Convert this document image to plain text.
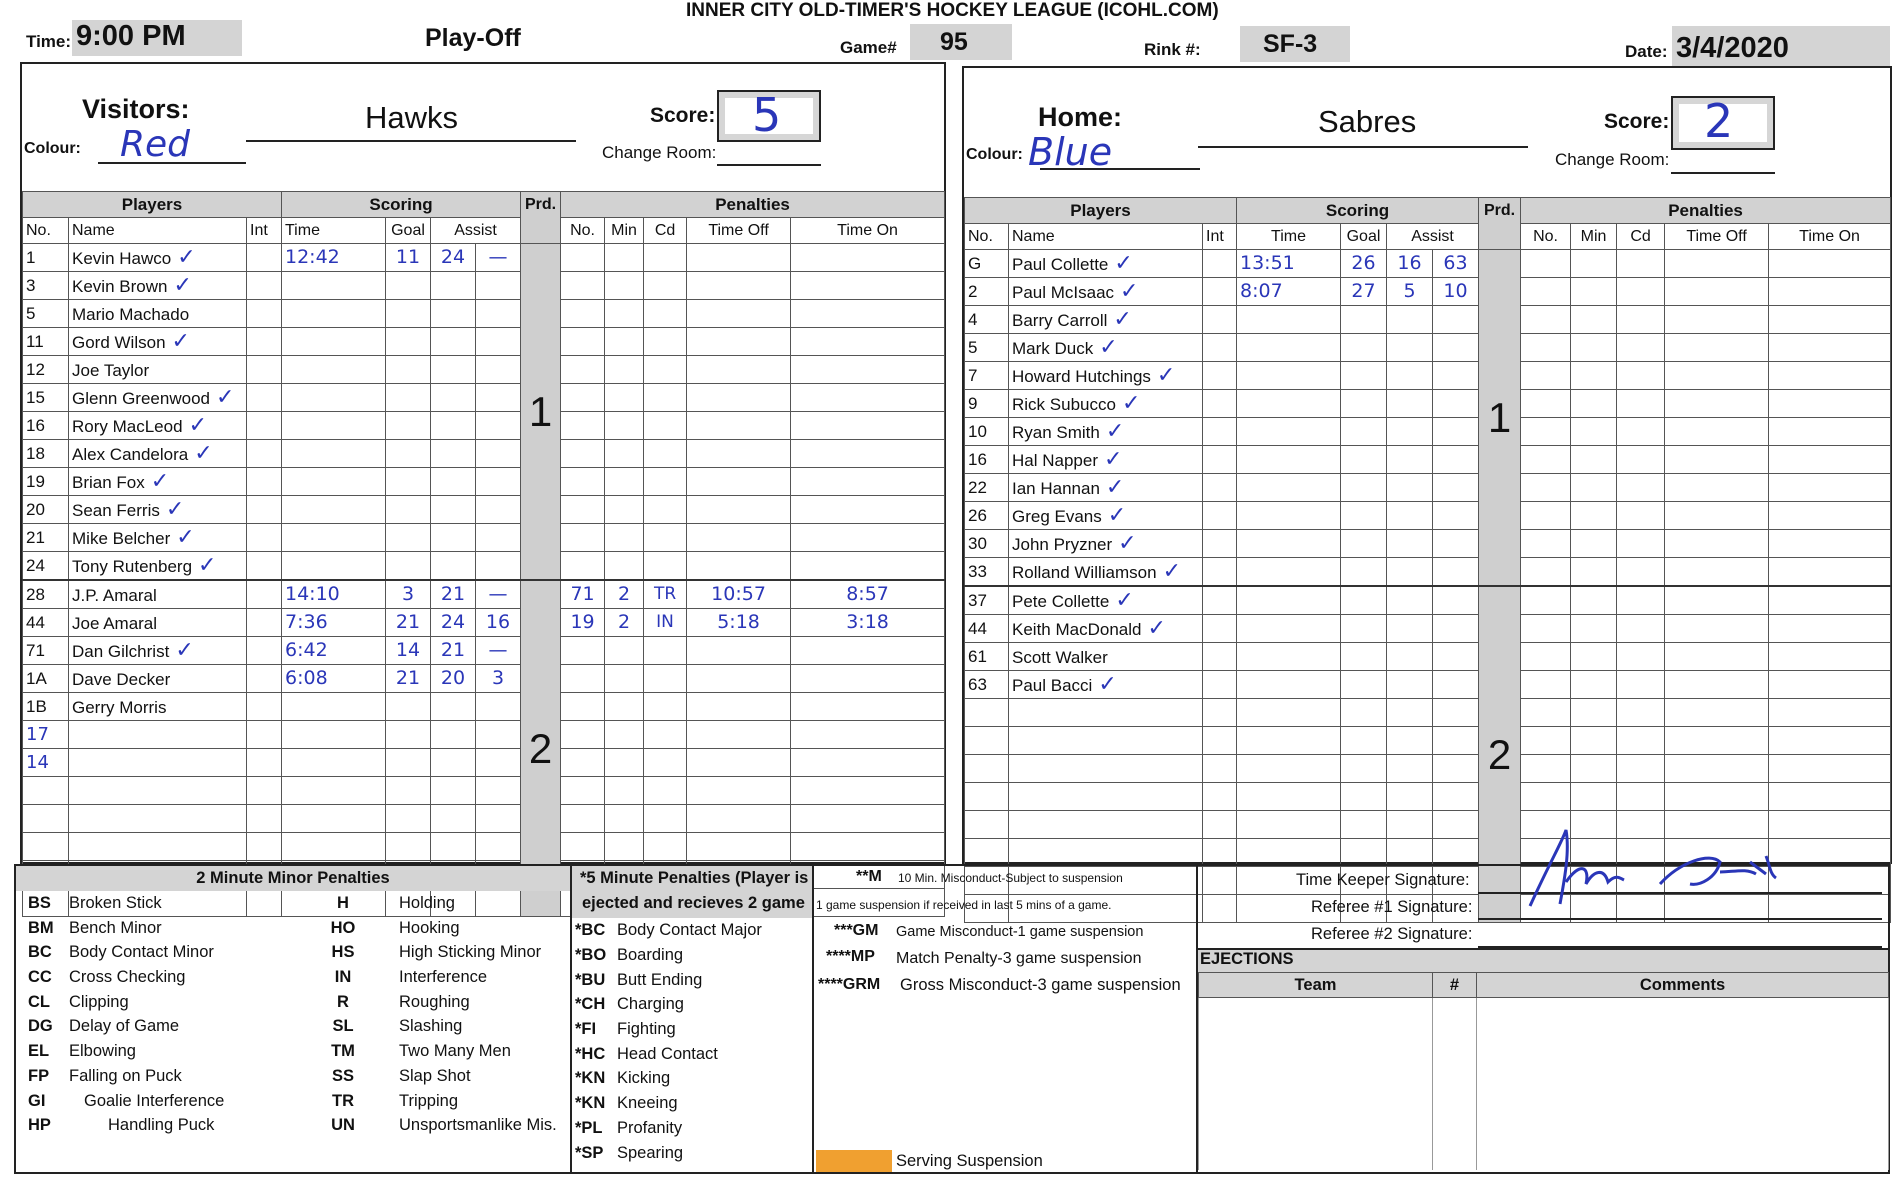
INNER CITY OLD-TIMER'S HOCKEY LEAGUE (ICOHL.COM)
Time: 9:00 PM	Play-Off	Game# 95	Rink #: SF-3	Date: 3/4/2020
Visitors:	Hawks	Score: 5
Colour: Red	Change Room:
Players			Scoring				Prd.	Penalties				
No.	Name	Int	Time	Goal	Assist			No.	Min	Cd	Time Off	Time On
1	Kevin Hawco ✓		12:42	11	24	—	1					
3	Kevin Brown ✓											
5	Mario Machado											
11	Gord Wilson ✓											
12	Joe Taylor											
15	Glenn Greenwood ✓											
16	Rory MacLeod ✓											
18	Alex Candelora ✓											
19	Brian Fox ✓											
20	Sean Ferris ✓											
21	Mike Belcher ✓											
24	Tony Rutenberg ✓											
28	J.P. Amaral		14:10	3	21	—	2	71	2	TR	10:57	8:57
44	Joe Amaral		7:36	21	24	16		19	2	IN	5:18	3:18
71	Dan Gilchrist ✓		6:42	14	21	—						
1A	Dave Decker		6:08	21	20	3						
1B	Gerry Morris											
17												
14												

Home:	Sabres	Score: 2
Colour: Blue	Change Room:
Players			Scoring				Prd.	Penalties				
No.	Name	Int	Time	Goal	Assist			No.	Min	Cd	Time Off	Time On
G	Paul Collette ✓		13:51	26	16	63	1					
2	Paul McIsaac ✓		8:07	27	5	10						
4	Barry Carroll ✓											
5	Mark Duck ✓											
7	Howard Hutchings ✓											
9	Rick Subucco ✓											
10	Ryan Smith ✓											
16	Hal Napper ✓											
22	Ian Hannan ✓											
26	Greg Evans ✓											
30	John Pryzner ✓											
33	Rolland Williamson ✓											
37	Pete Collette ✓						2					
44	Keith MacDonald ✓											
61	Scott Walker											
63	Paul Bacci ✓											

2 Minute Minor Penalties			
BS	Broken Stick	H	Holding
BM	Bench Minor	HO	Hooking
BC	Body Contact Minor	HS	High Sticking Minor
CC	Cross Checking	IN	Interference
CL	Clipping	R	Roughing
DG	Delay of Game	SL	Slashing
EL	Elbowing	TM	Two Many Men
FP	Falling on Puck	SS	Slap Shot
GI	Goalie Interference	TR	Tripping
HP	Handling Puck	UN	Unsportsmanlike Mis.
*5 Minute Penalties (Player is
ejected and recieves 2 game
*BC	Body Contact Major
*BO	Boarding
*BU	Butt Ending
*CH	Charging
*FI	Fighting
*HC	Head Contact
*KN	Kicking
*KN	Kneeing
*PL	Profanity
*SP	Spearing
**M 10 Min. Misconduct-Subject to suspension
1 game suspension if received in last 5 mins of a game.
***GM Game Misconduct-1 game suspension
****MP Match Penalty-3 game suspension
****GRM Gross Misconduct-3 game suspension
Serving Suspension
Time Keeper Signature:
Referee #1 Signature:
Referee #2 Signature:
EJECTIONS
Team	#	Comments
